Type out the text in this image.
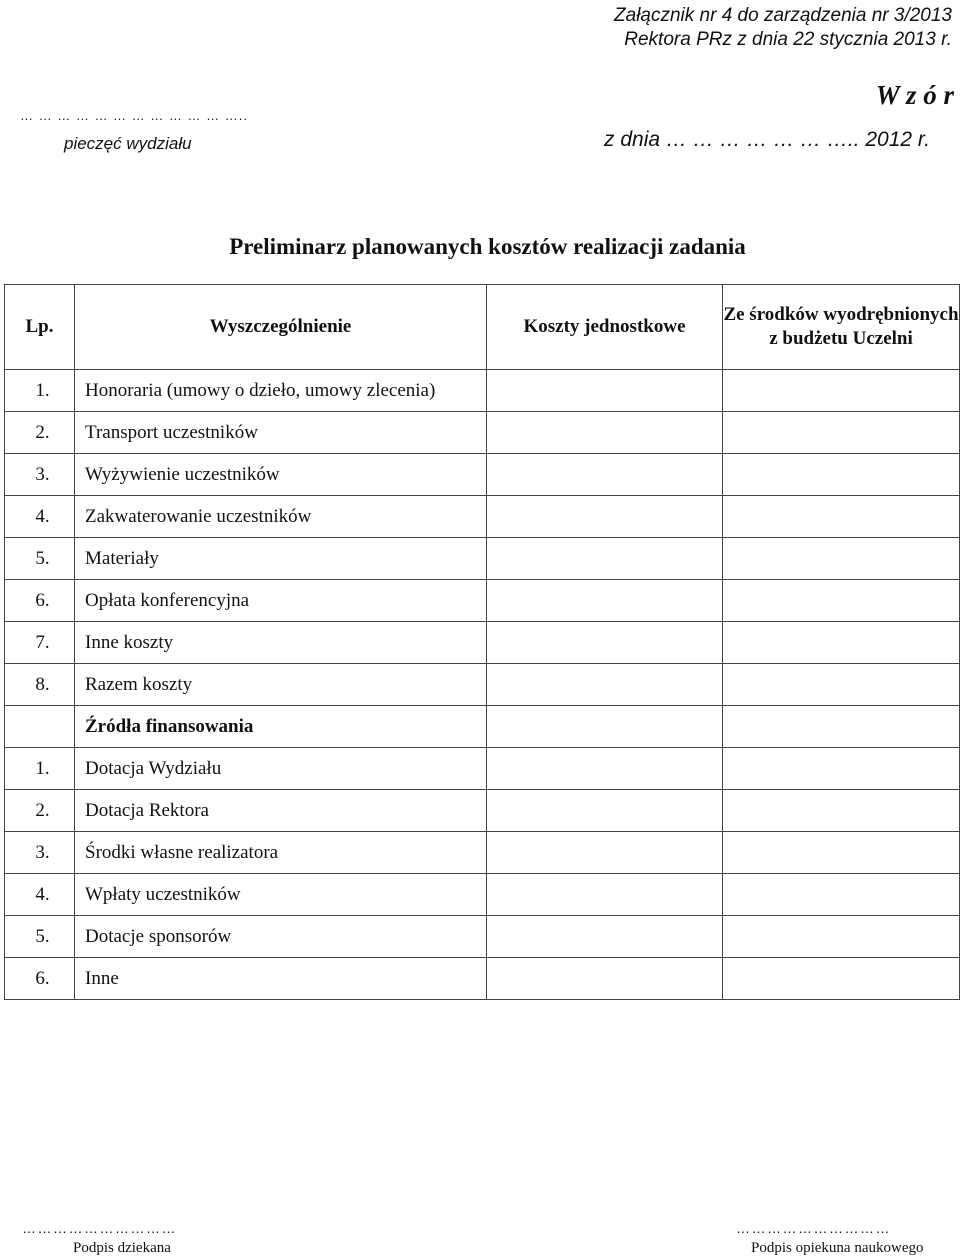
Załącznik nr 4 do zarządzenia nr 3/2013
Rektora PRz z dnia 22 stycznia 2013 r.
W z ó r
… … … … … … … … … … … …..
pieczęć wydziału	z dnia … … … … … … ….. 2012 r.
Preliminarz planowanych kosztów realizacji zadania
Lp.	Wyszczególnienie	Koszty jednostkowe	Ze środków wyodrębnionych z budżetu Uczelni
1.	Honoraria (umowy o dzieło, umowy zlecenia)		
2.	Transport uczestników		
3.	Wyżywienie uczestników		
4.	Zakwaterowanie uczestników		
5.	Materiały		
6.	Opłata konferencyjna		
7.	Inne koszty		
8.	Razem koszty		
	Źródła finansowania		
1.	Dotacja Wydziału		
2.	Dotacja Rektora		
3.	Środki własne realizatora		
4.	Wpłaty uczestników		
5.	Dotacje sponsorów		
6.	Inne		
…………………………
Podpis dziekana
…………………………
Podpis opiekuna naukowego
